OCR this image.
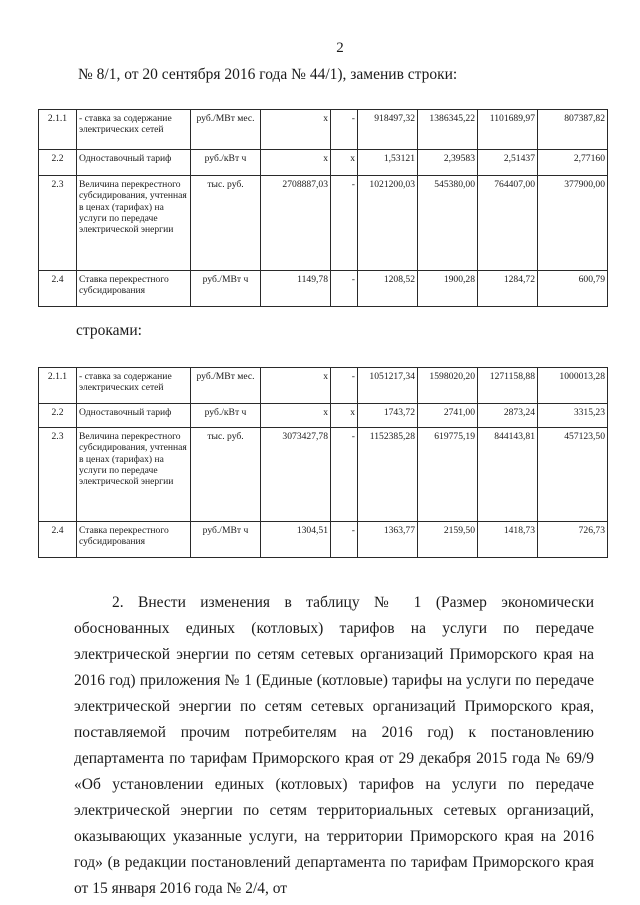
2
№ 8/1, от 20 сентября 2016 года № 44/1), заменив строки:
2.1.1	- ставка за содержание электрических сетей	руб./МВт мес.	х	-	918497,32	1386345,22	1101689,97	807387,82
2.2	Одноставочный тариф	руб./кВт ч	х	х	1,53121	2,39583	2,51437	2,77160
2.3	Величина перекрестного субсидирования, учтенная в ценах (тарифах) на услуги по передаче электрической энергии	тыс. руб.	2708887,03	-	1021200,03	545380,00	764407,00	377900,00
2.4	Ставка перекрестного субсидирования	руб./МВт ч	1149,78	-	1208,52	1900,28	1284,72	600,79
строками:
2.1.1	- ставка за содержание электрических сетей	руб./МВт мес.	х	-	1051217,34	1598020,20	1271158,88	1000013,28
2.2	Одноставочный тариф	руб./кВт ч	х	х	1743,72	2741,00	2873,24	3315,23
2.3	Величина перекрестного субсидирования, учтенная в ценах (тарифах) на услуги по передаче электрической энергии	тыс. руб.	3073427,78	-	1152385,28	619775,19	844143,81	457123,50
2.4	Ставка перекрестного субсидирования	руб./МВт ч	1304,51	-	1363,77	2159,50	1418,73	726,73

2. Внести изменения в таблицу № 1 (Размер экономически обоснованных единых (котловых) тарифов на услуги по передаче электрической энергии по сетям сетевых организаций Приморского края на 2016 год) приложения № 1 (Единые (котловые) тарифы на услуги по передаче электрической энергии по сетям сетевых организаций Приморского края, поставляемой прочим потребителям на 2016 год) к постановлению департамента по тарифам Приморского края от 29 декабря 2015 года № 69/9 «Об установлении единых (котловых) тарифов на услуги по передаче электрической энергии по сетям территориальных сетевых организаций, оказывающих указанные услуги, на территории Приморского края на 2016 год» (в редакции постановлений департамента по тарифам Приморского края от 15 января 2016 года № 2/4, от
